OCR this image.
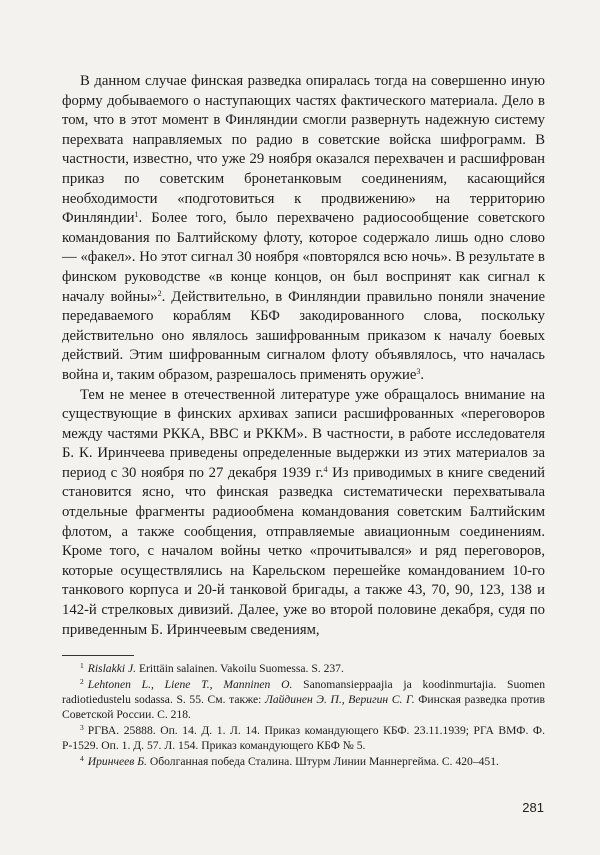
В данном случае финская разведка опиралась тогда на совершенно иную форму добываемого о наступающих частях фактического материала. Дело в том, что в этот момент в Финляндии смогли развернуть надежную систему перехвата направляемых по радио в советские войска шифрограмм. В частности, известно, что уже 29 ноября оказался перехвачен и расшифрован приказ по советским бронетанковым соединениям, касающийся необходимости «подготовиться к продвижению» на территорию Финляндии$^1$. Более того, было перехвачено радиосообщение советского командования по Балтийскому флоту, которое содержало лишь одно слово — «факел». Но этот сигнал 30 ноября «повторялся всю ночь». В результате в финском руководстве «в конце концов, он был воспринят как сигнал к началу войны»$^2$. Действительно, в Финляндии правильно поняли значение передаваемого кораблям КБФ закодированного слова, поскольку действительно оно являлось зашифрованным приказом к началу боевых действий. Этим шифрованным сигналом флоту объявлялось, что началась война и, таким образом, разрешалось применять оружие$^3$.

Тем не менее в отечественной литературе уже обращалось внимание на существующие в финских архивах записи расшифрованных «переговоров между частями РККА, ВВС и РККМ». В частности, в работе исследователя Б. К. Иринчеева приведены определенные выдержки из этих материалов за период с 30 ноября по 27 декабря 1939 г.$^4$ Из приводимых в книге сведений становится ясно, что финская разведка систематически перехватывала отдельные фрагменты радиообмена командования советским Балтийским флотом, а также сообщения, отправляемые авиационным соединениям. Кроме того, с началом войны четко «прочитывался» и ряд переговоров, которые осуществлялись на Карельском перешейке командованием 10-го танкового корпуса и 20-й танковой бригады, а также 43, 70, 90, 123, 138 и 142-й стрелковых дивизий. Далее, уже во второй половине декабря, судя по приведенным Б. Иринчеевым сведениям,

$^1$ Rislakki J. Erittäin salainen. Vakoilu Suomessa. S. 237.

$^2$ Lehtonen L., Liene T., Manninen O. Sanomansieppaajia ja koodinmurtajia. Suomen radiotiedustelu sodassa. S. 55. См. также: Лайдинен Э. П., Веригин С. Г. Финская разведка против Советской России. С. 218.

$^3$ РГВА. 25888. Оп. 14. Д. 1. Л. 14. Приказ командующего КБФ. 23.11.1939; РГА ВМФ. Ф. Р-1529. Оп. 1. Д. 57. Л. 154. Приказ командующего КБФ № 5.

$^4$ Иринчеев Б. Оболганная победа Сталина. Штурм Линии Маннергейма. С. 420–451.

281
